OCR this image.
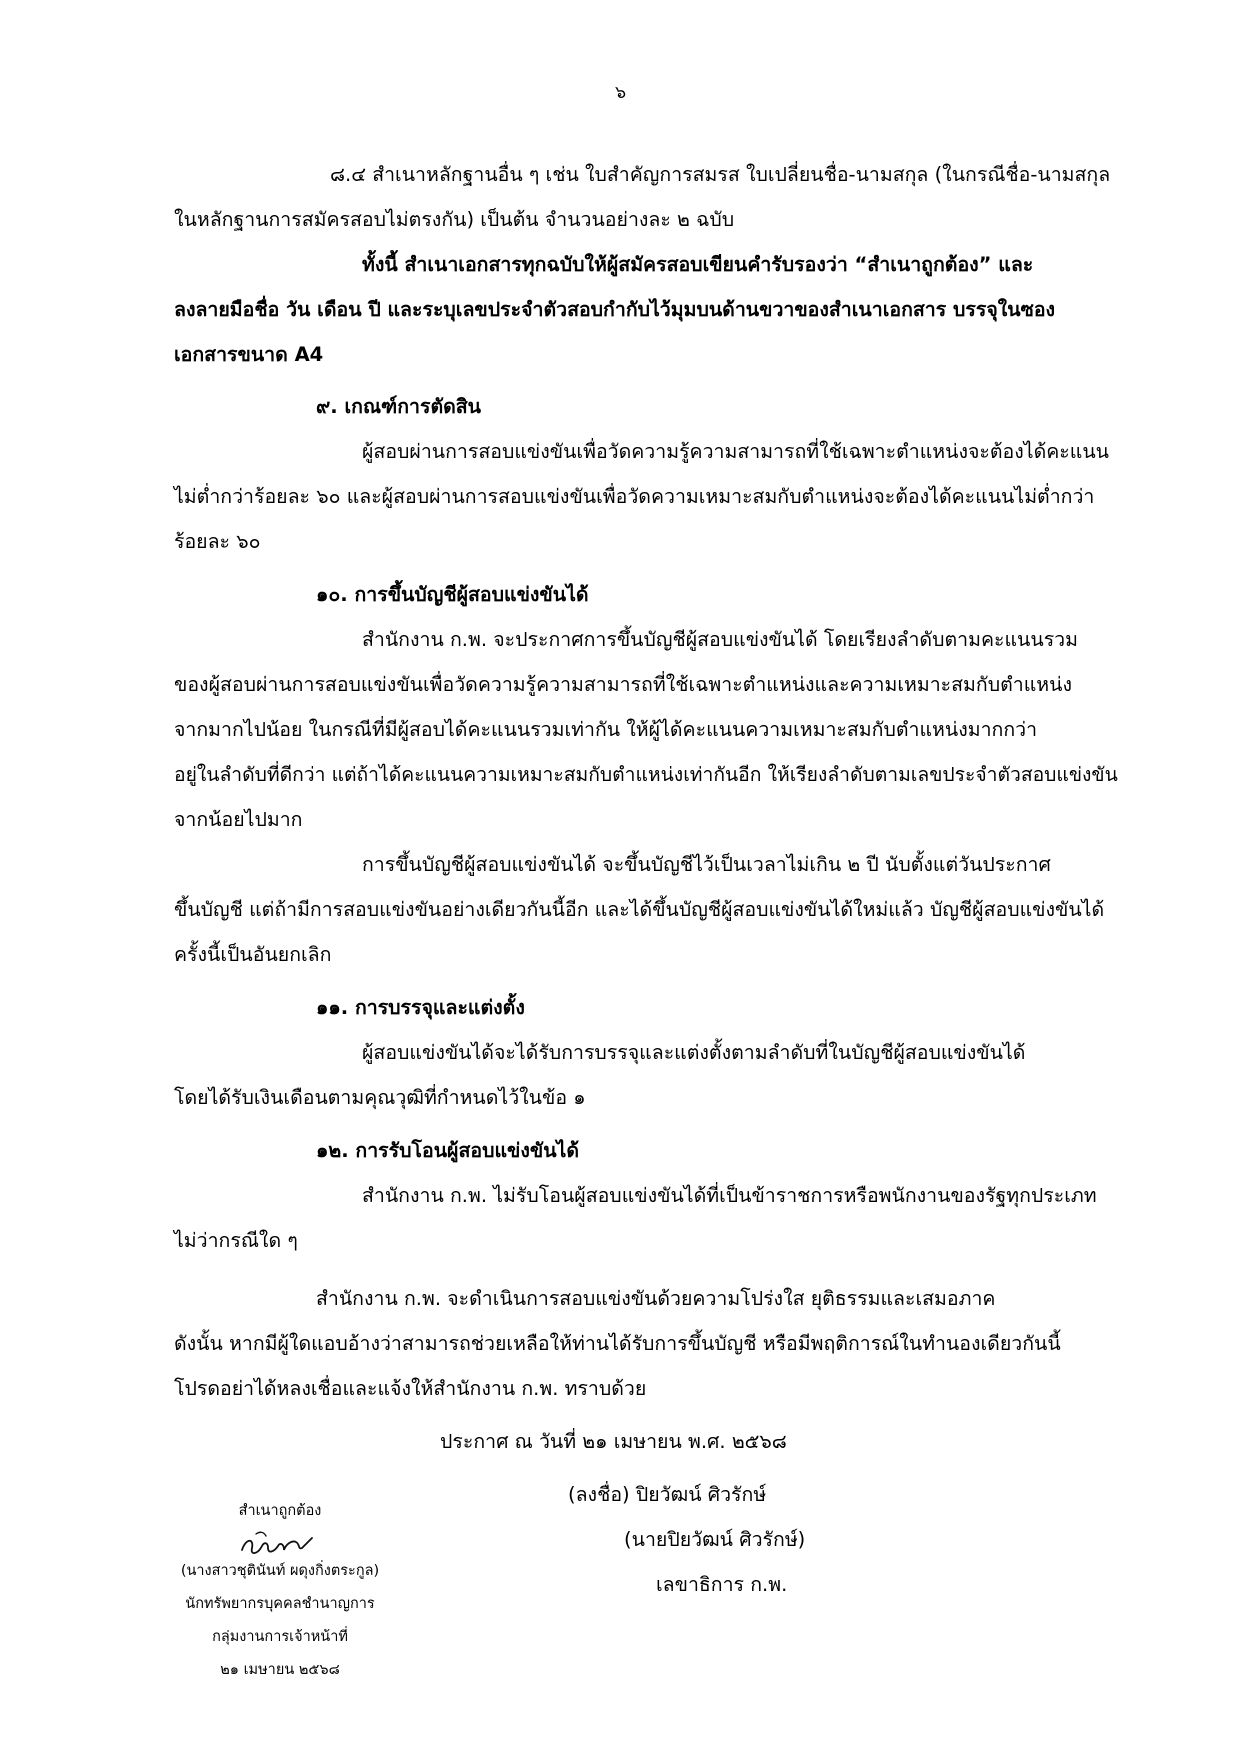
๖
๘.๔ สำเนาหลักฐานอื่น ๆ เช่น ใบสำคัญการสมรส ใบเปลี่ยนชื่อ-นามสกุล (ในกรณีชื่อ-นามสกุล
ในหลักฐานการสมัครสอบไม่ตรงกัน) เป็นต้น จำนวนอย่างละ ๒ ฉบับ
ทั้งนี้ สำเนาเอกสารทุกฉบับให้ผู้สมัครสอบเขียนคำรับรองว่า “สำเนาถูกต้อง” และ
ลงลายมือชื่อ วัน เดือน ปี และระบุเลขประจำตัวสอบกำกับไว้มุมบนด้านขวาของสำเนาเอกสาร บรรจุในซอง
เอกสารขนาด A4
๙. เกณฑ์การตัดสิน
ผู้สอบผ่านการสอบแข่งขันเพื่อวัดความรู้ความสามารถที่ใช้เฉพาะตำแหน่งจะต้องได้คะแนน
ไม่ต่ำกว่าร้อยละ ๖๐ และผู้สอบผ่านการสอบแข่งขันเพื่อวัดความเหมาะสมกับตำแหน่งจะต้องได้คะแนนไม่ต่ำกว่า
ร้อยละ ๖๐
๑๐. การขึ้นบัญชีผู้สอบแข่งขันได้
สำนักงาน ก.พ. จะประกาศการขึ้นบัญชีผู้สอบแข่งขันได้ โดยเรียงลำดับตามคะแนนรวม
ของผู้สอบผ่านการสอบแข่งขันเพื่อวัดความรู้ความสามารถที่ใช้เฉพาะตำแหน่งและความเหมาะสมกับตำแหน่ง
จากมากไปน้อย ในกรณีที่มีผู้สอบได้คะแนนรวมเท่ากัน ให้ผู้ได้คะแนนความเหมาะสมกับตำแหน่งมากกว่า
อยู่ในลำดับที่ดีกว่า แต่ถ้าได้คะแนนความเหมาะสมกับตำแหน่งเท่ากันอีก ให้เรียงลำดับตามเลขประจำตัวสอบแข่งขัน
จากน้อยไปมาก
การขึ้นบัญชีผู้สอบแข่งขันได้ จะขึ้นบัญชีไว้เป็นเวลาไม่เกิน ๒ ปี นับตั้งแต่วันประกาศ
ขึ้นบัญชี แต่ถ้ามีการสอบแข่งขันอย่างเดียวกันนี้อีก และได้ขึ้นบัญชีผู้สอบแข่งขันได้ใหม่แล้ว บัญชีผู้สอบแข่งขันได้
ครั้งนี้เป็นอันยกเลิก
๑๑. การบรรจุและแต่งตั้ง
ผู้สอบแข่งขันได้จะได้รับการบรรจุและแต่งตั้งตามลำดับที่ในบัญชีผู้สอบแข่งขันได้
โดยได้รับเงินเดือนตามคุณวุฒิที่กำหนดไว้ในข้อ ๑
๑๒. การรับโอนผู้สอบแข่งขันได้
สำนักงาน ก.พ. ไม่รับโอนผู้สอบแข่งขันได้ที่เป็นข้าราชการหรือพนักงานของรัฐทุกประเภท
ไม่ว่ากรณีใด ๆ
สำนักงาน ก.พ. จะดำเนินการสอบแข่งขันด้วยความโปร่งใส ยุติธรรมและเสมอภาค
ดังนั้น หากมีผู้ใดแอบอ้างว่าสามารถช่วยเหลือให้ท่านได้รับการขึ้นบัญชี หรือมีพฤติการณ์ในทำนองเดียวกันนี้
โปรดอย่าได้หลงเชื่อและแจ้งให้สำนักงาน ก.พ. ทราบด้วย
ประกาศ ณ วันที่ ๒๑ เมษายน พ.ศ. ๒๕๖๘
(ลงชื่อ) ปิยวัฒน์ ศิวรักษ์
(นายปิยวัฒน์ ศิวรักษ์)
เลขาธิการ ก.พ.
สำเนาถูกต้อง
(นางสาวชุตินันท์ ผดุงกิ่งตระกูล)
นักทรัพยากรบุคคลชำนาญการ
กลุ่มงานการเจ้าหน้าที่
๒๑ เมษายน ๒๕๖๘
